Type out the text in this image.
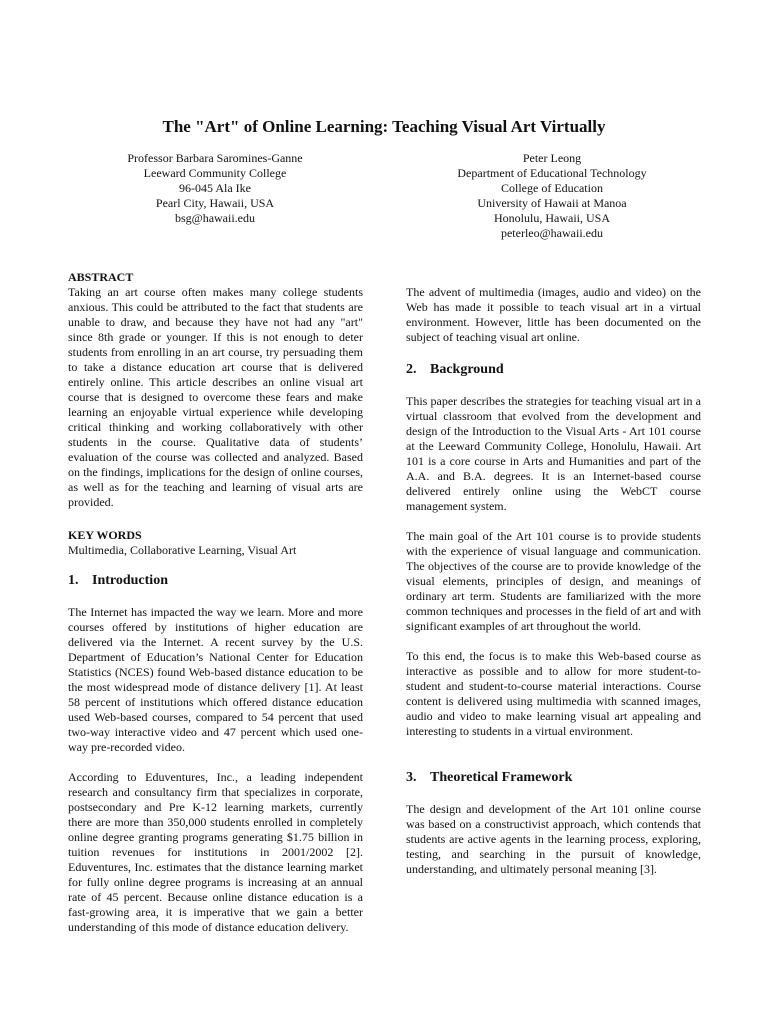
The "Art" of Online Learning: Teaching Visual Art Virtually
Professor Barbara Saromines-Ganne
Leeward Community College
96-045 Ala Ike
Pearl City, Hawaii, USA
bsg@hawaii.edu
Peter Leong
Department of Educational Technology
College of Education
University of Hawaii at Manoa
Honolulu, Hawaii, USA
peterleo@hawaii.edu
ABSTRACT

Taking an art course often makes many college students anxious. This could be attributed to the fact that students are unable to draw, and because they have not had any "art" since 8th grade or younger. If this is not enough to deter students from enrolling in an art course, try persuading them to take a distance education art course that is delivered entirely online. This article describes an online visual art course that is designed to overcome these fears and make learning an enjoyable virtual experience while developing critical thinking and working collaboratively with other students in the course. Qualitative data of students’ evaluation of the course was collected and analyzed. Based on the findings, implications for the design of online courses, as well as for the teaching and learning of visual arts are provided.

KEY WORDS

Multimedia, Collaborative Learning, Visual Art

1. Introduction

The Internet has impacted the way we learn. More and more courses offered by institutions of higher education are delivered via the Internet. A recent survey by the U.S. Department of Education’s National Center for Education Statistics (NCES) found Web-based distance education to be the most widespread mode of distance delivery [1]. At least 58 percent of institutions which offered distance education used Web-based courses, compared to 54 percent that used two-way interactive video and 47 percent which used one-way pre-recorded video.

According to Eduventures, Inc., a leading independent research and consultancy firm that specializes in corporate, postsecondary and Pre K-12 learning markets, currently there are more than 350,000 students enrolled in completely online degree granting programs generating $1.75 billion in tuition revenues for institutions in 2001/2002 [2]. Eduventures, Inc. estimates that the distance learning market for fully online degree programs is increasing at an annual rate of 45 percent. Because online distance education is a fast-growing area, it is imperative that we gain a better understanding of this mode of distance education delivery.

The advent of multimedia (images, audio and video) on the Web has made it possible to teach visual art in a virtual environment. However, little has been documented on the subject of teaching visual art online.

2. Background

This paper describes the strategies for teaching visual art in a virtual classroom that evolved from the development and design of the Introduction to the Visual Arts - Art 101 course at the Leeward Community College, Honolulu, Hawaii. Art 101 is a core course in Arts and Humanities and part of the A.A. and B.A. degrees. It is an Internet-based course delivered entirely online using the WebCT course management system.

The main goal of the Art 101 course is to provide students with the experience of visual language and communication. The objectives of the course are to provide knowledge of the visual elements, principles of design, and meanings of ordinary art term. Students are familiarized with the more common techniques and processes in the field of art and with significant examples of art throughout the world.

To this end, the focus is to make this Web-based course as interactive as possible and to allow for more student-to-student and student-to-course material interactions. Course content is delivered using multimedia with scanned images, audio and video to make learning visual art appealing and interesting to students in a virtual environment.

3. Theoretical Framework

The design and development of the Art 101 online course was based on a constructivist approach, which contends that students are active agents in the learning process, exploring, testing, and searching in the pursuit of knowledge, understanding, and ultimately personal meaning [3].
